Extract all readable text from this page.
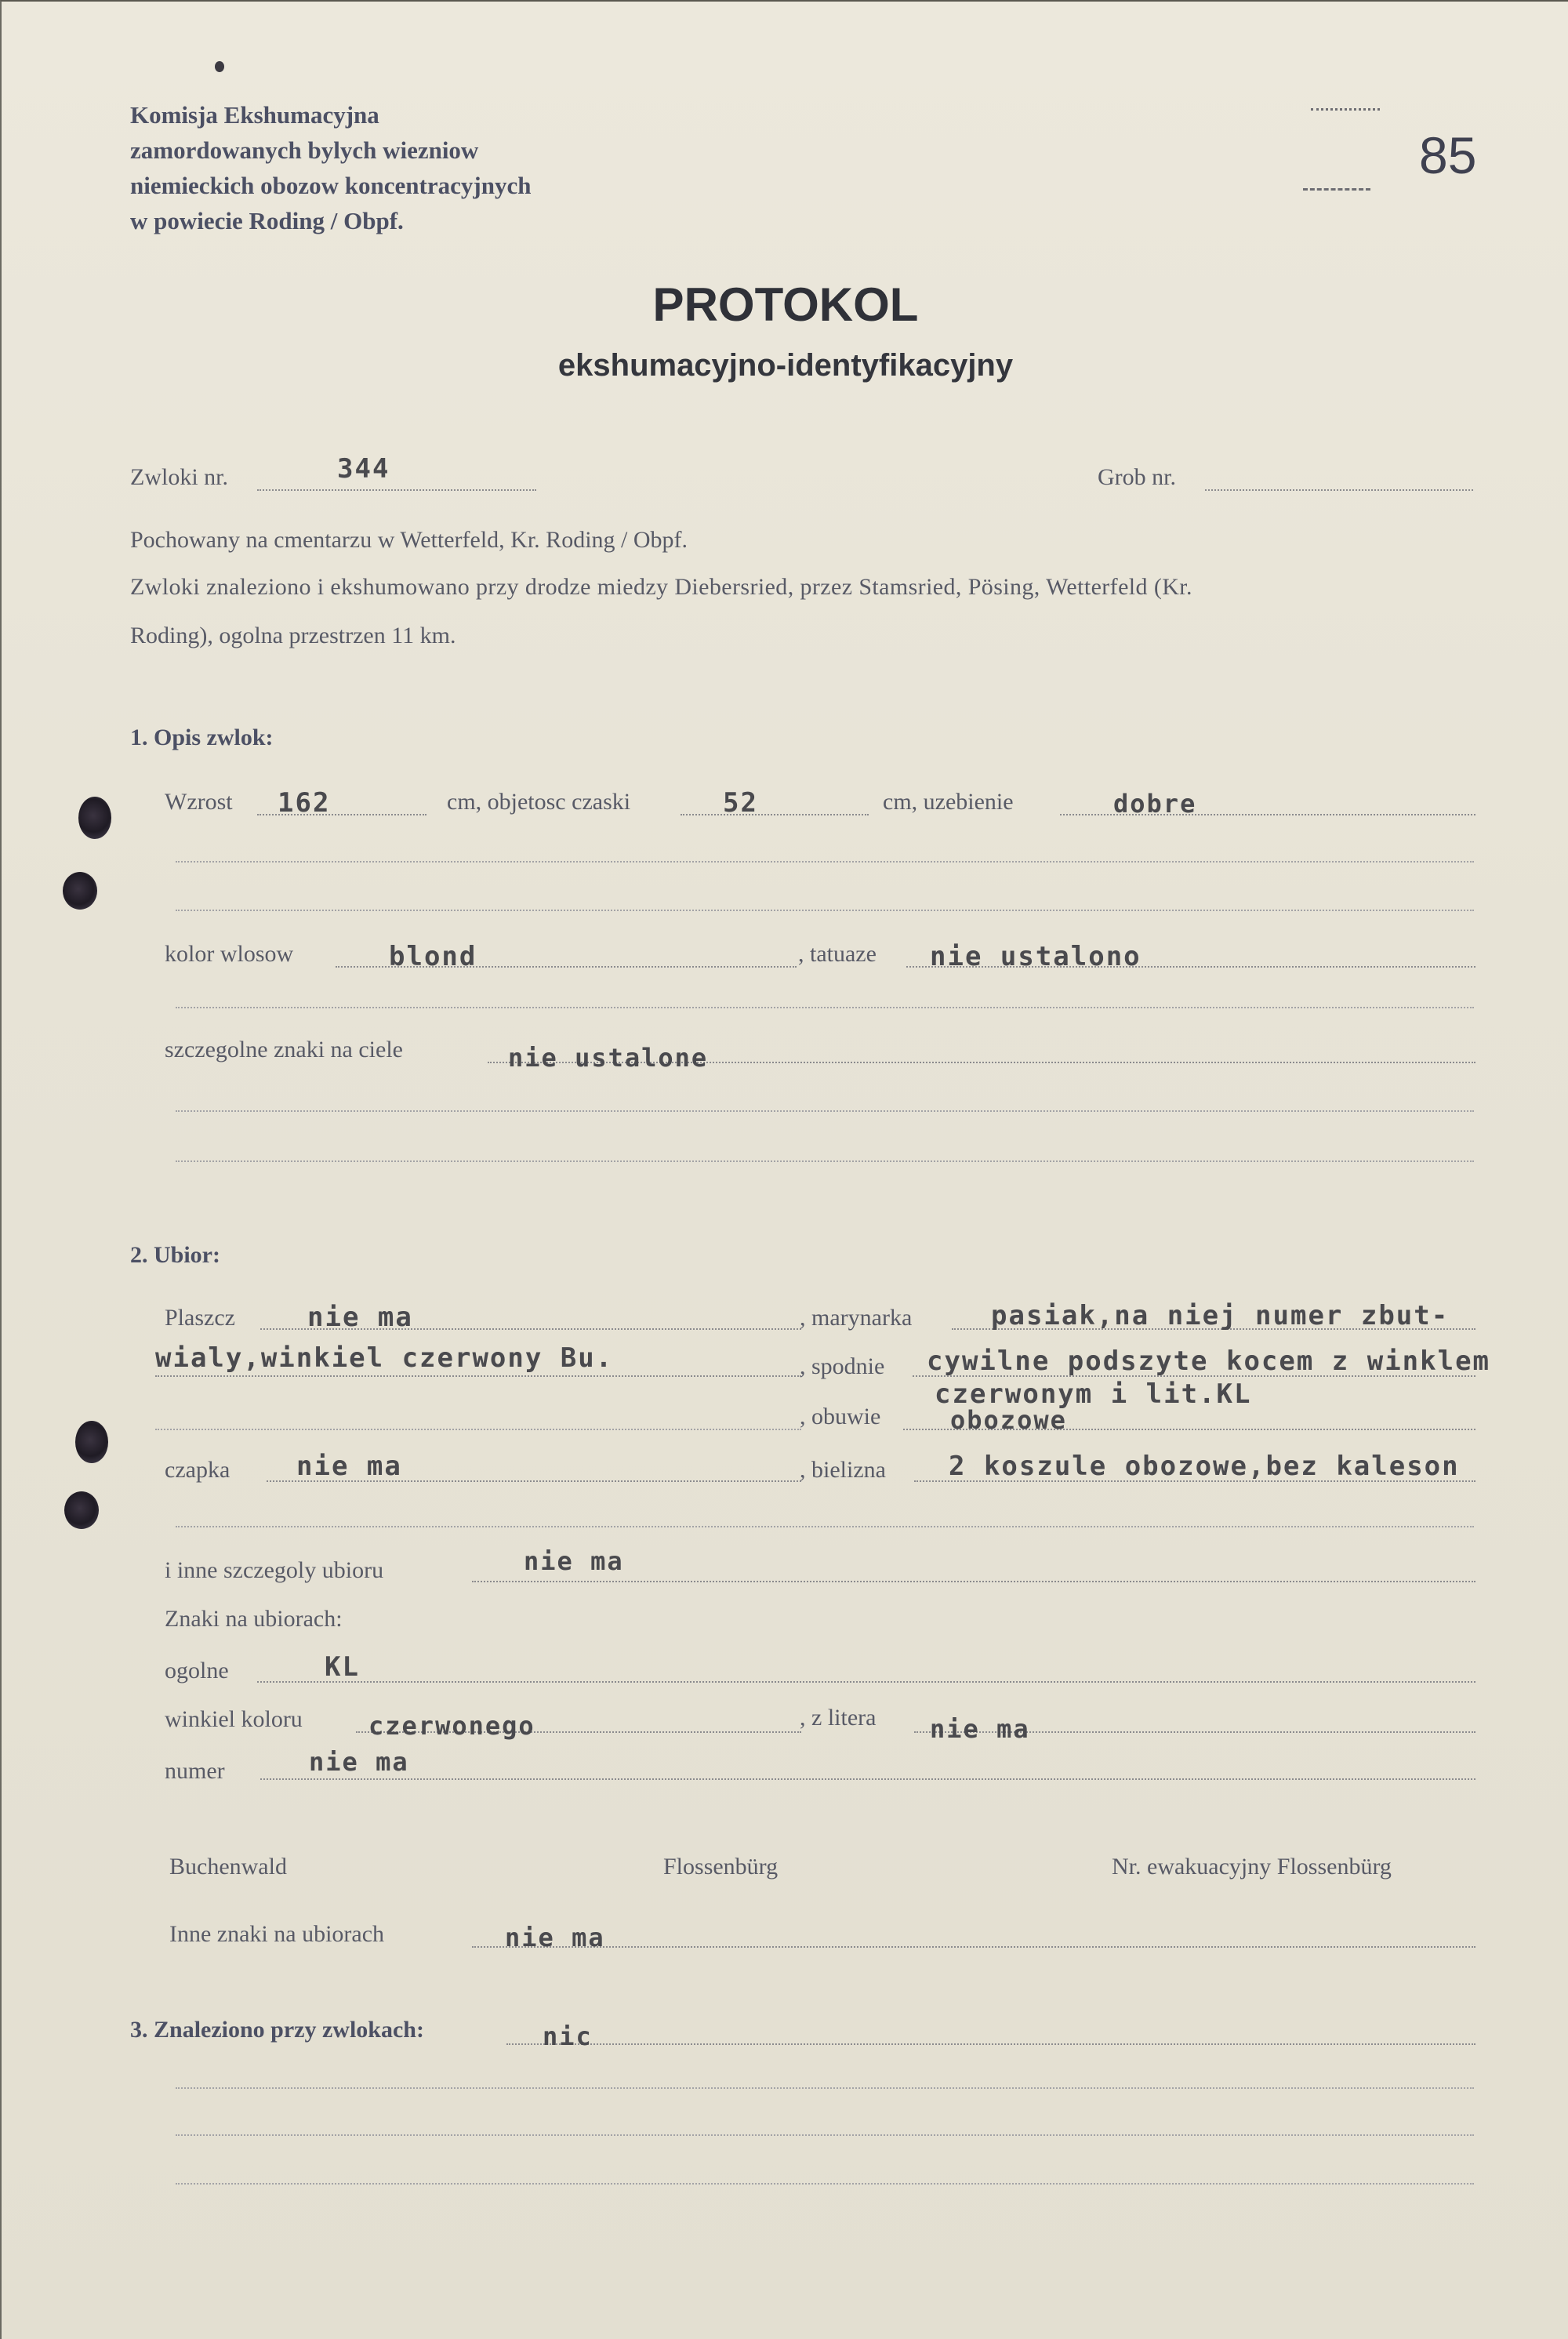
Komisja Ekshumacyjna
zamordowanych bylych wiezniow
niemieckich obozow koncentracyjnych
w powiecie Roding / Obpf.
85
PROTOKOL
ekshumacyjno-identyfikacyjny
Zwloki nr.	344	Grob nr.
Pochowany na cmentarzu w Wetterfeld, Kr. Roding / Obpf.
Zwloki znaleziono i ekshumowano przy drodze miedzy Diebersried, przez Stamsried, Pösing, Wetterfeld (Kr.
Roding), ogolna przestrzen 11 km.
1. Opis zwlok:
Wzrost 162	cm, objetosc czaski	52	cm, uzebienie	dobre
kolor wlosow	blond	, tatuaze nie ustalono
szczegolne znaki na ciele	nie ustalone
2. Ubior:
Plaszcz	nie ma	, marynarka	pasiak,na niej numer zbut-
wialy,winkiel czerwony Bu.	, spodnie cywilne podszyte kocem z winklem
czerwonym i lit.KL
, obuwie	obozowe
czapka nie ma	, bielizna 2 koszule obozowe,bez kaleson
i inne szczegoly ubioru	nie ma
Znaki na ubiorach:
ogolne	KL
winkiel koloru	czerwonego	, z litera nie ma
numer	nie ma
Buchenwald	Flossenbürg	Nr. ewakuacyjny Flossenbürg
Inne znaki na ubiorach	nie ma
3. Znaleziono przy zwlokach:	nic
